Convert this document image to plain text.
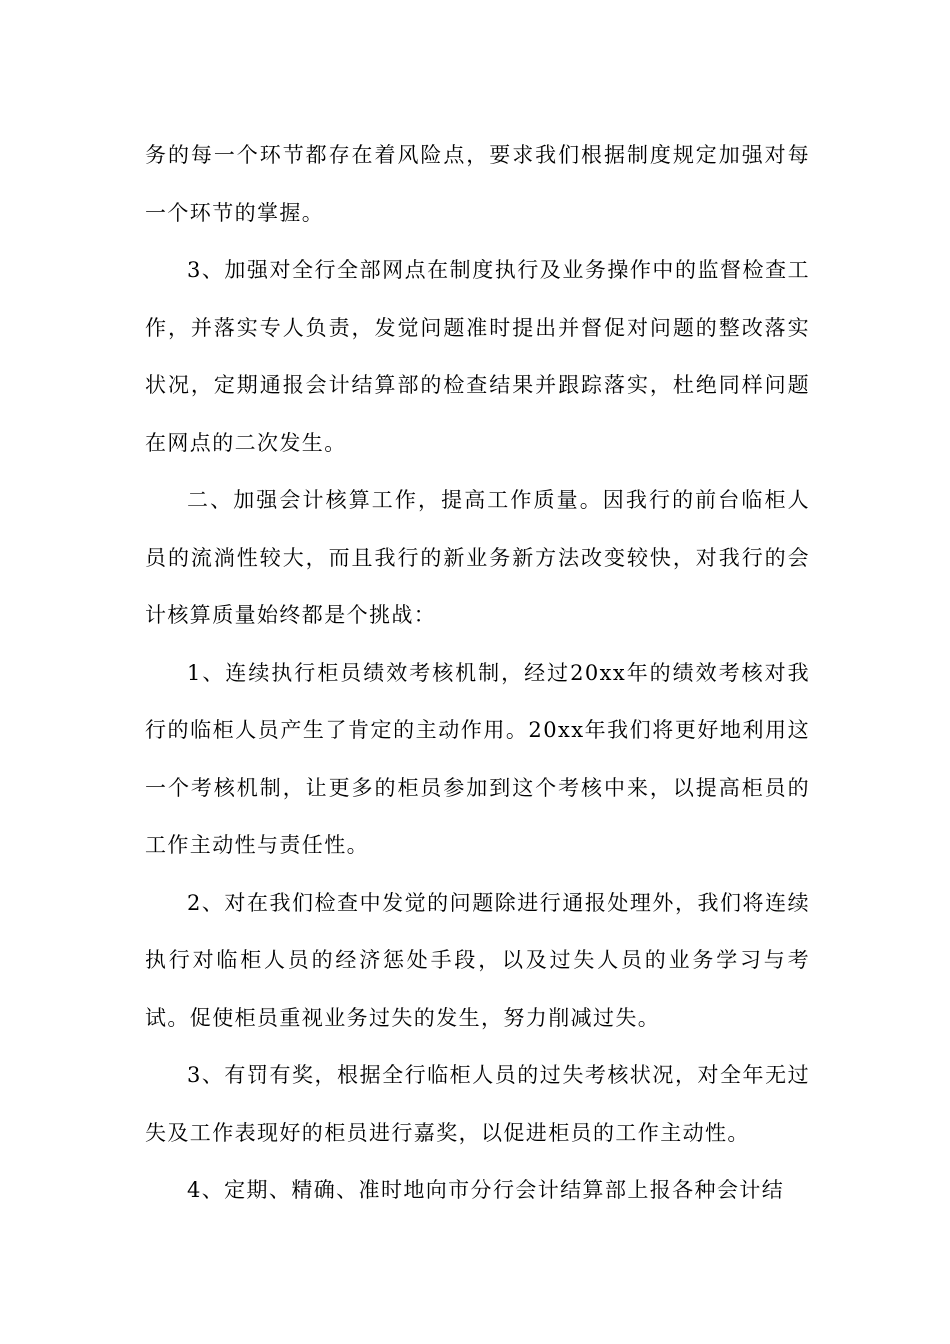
务的每一个环节都存在着风险点，要求我们根据制度规定加强对每一个环节的掌握。

3、加强对全行全部网点在制度执行及业务操作中的监督检查工作，并落实专人负责，发觉问题准时提出并督促对问题的整改落实状况，定期通报会计结算部的检查结果并跟踪落实，杜绝同样问题在网点的二次发生。

二、加强会计核算工作，提高工作质量。因我行的前台临柜人员的流淌性较大，而且我行的新业务新方法改变较快，对我行的会计核算质量始终都是个挑战：

1、连续执行柜员绩效考核机制，经过20xx年的绩效考核对我行的临柜人员产生了肯定的主动作用。20xx年我们将更好地利用这一个考核机制，让更多的柜员参加到这个考核中来，以提高柜员的工作主动性与责任性。

2、对在我们检查中发觉的问题除进行通报处理外，我们将连续执行对临柜人员的经济惩处手段，以及过失人员的业务学习与考试。促使柜员重视业务过失的发生，努力削减过失。

3、有罚有奖，根据全行临柜人员的过失考核状况，对全年无过失及工作表现好的柜员进行嘉奖，以促进柜员的工作主动性。

4、定期、精确、准时地向市分行会计结算部上报各种会计结
